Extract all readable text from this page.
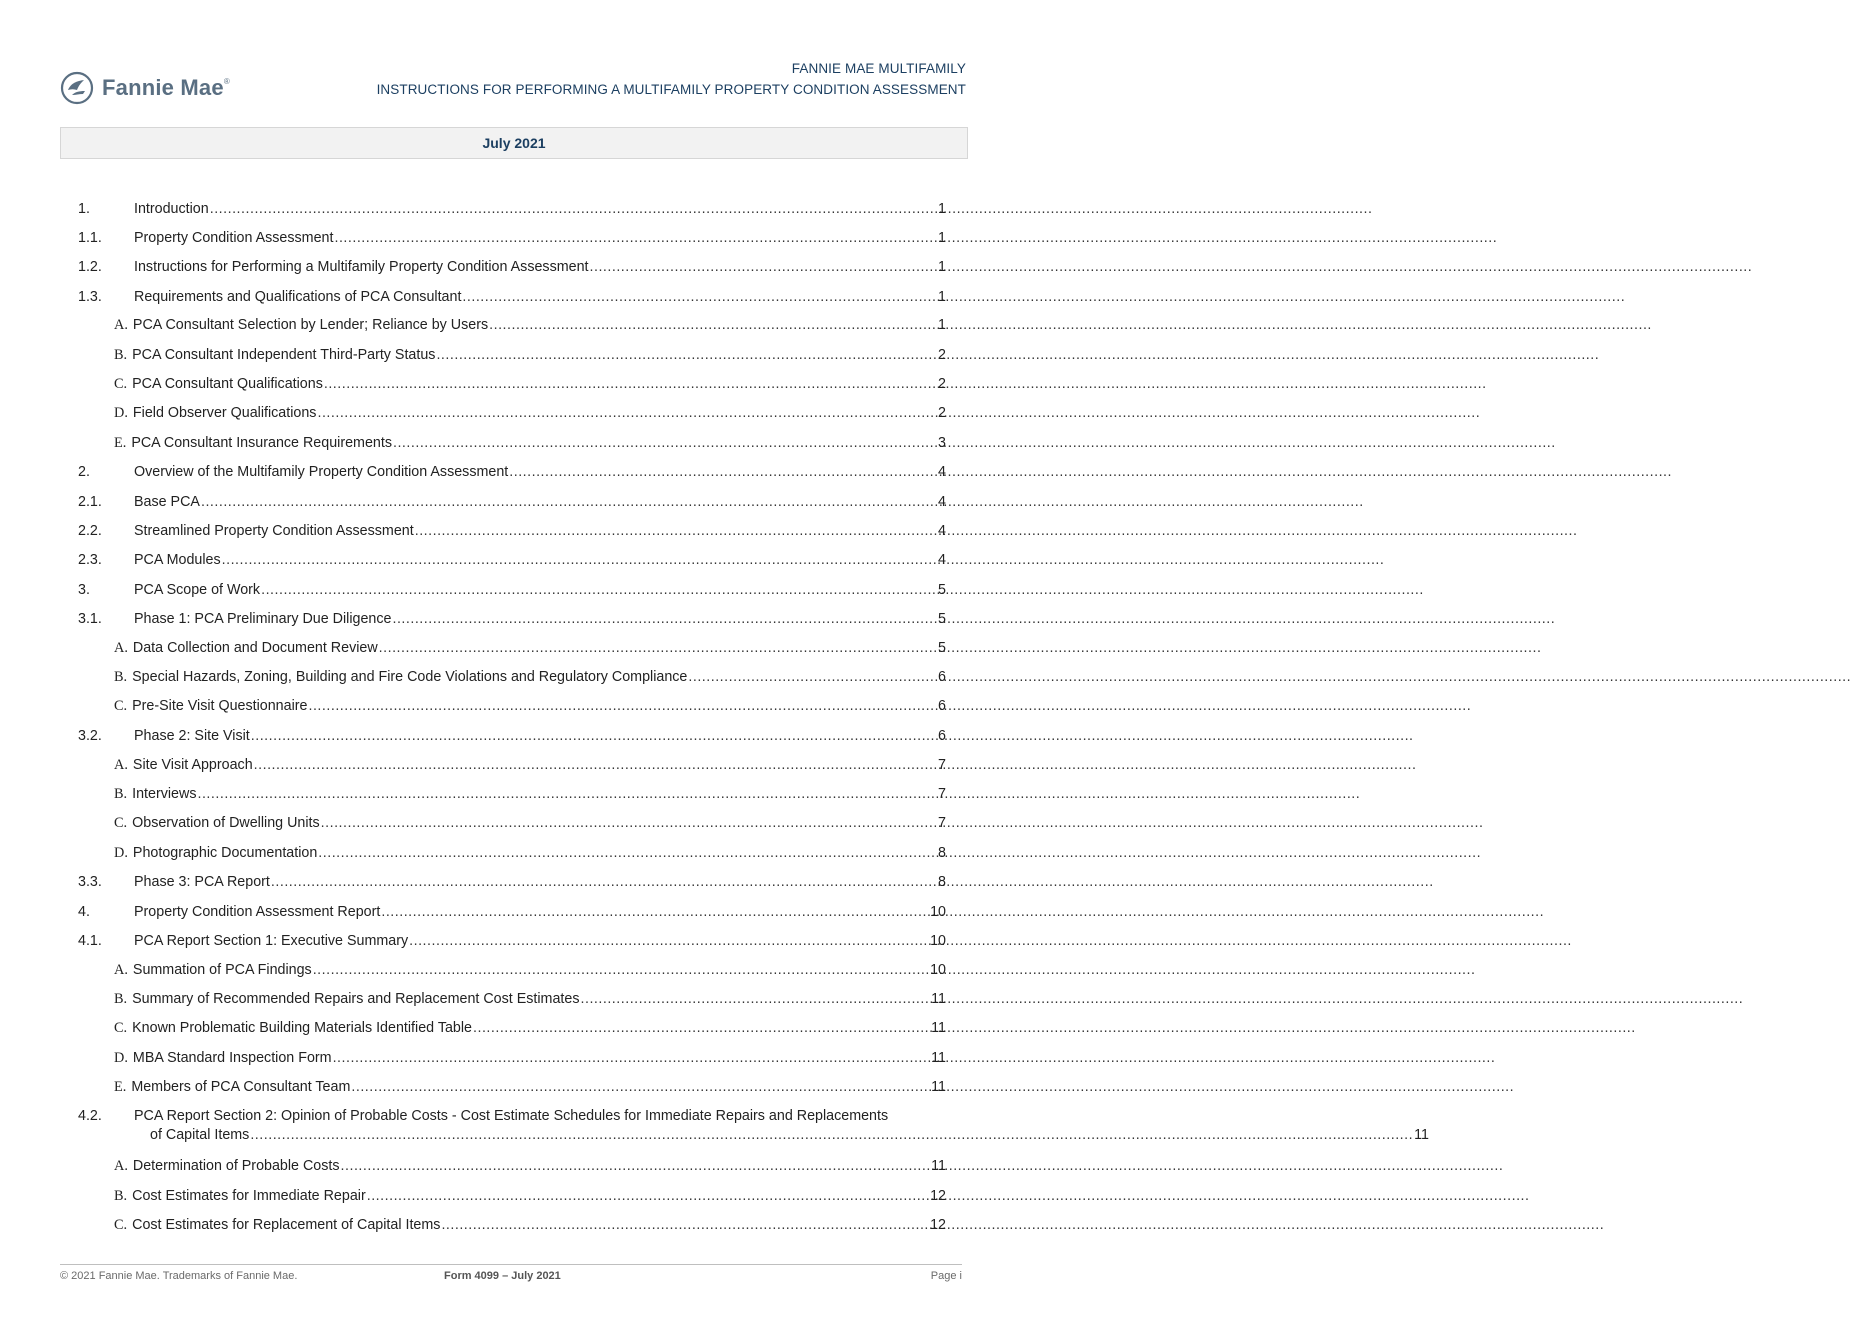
Fannie Mae®
FANNIE MAE MULTIFAMILY
INSTRUCTIONS FOR PERFORMING A MULTIFAMILY PROPERTY CONDITION ASSESSMENT
July 2021
1.	Introduction .....	1
1.1.	Property Condition Assessment .....	1
1.2.	Instructions for Performing a Multifamily Property Condition Assessment .....	1
1.3.	Requirements and Qualifications of PCA Consultant .....	1
A. PCA Consultant Selection by Lender; Reliance by Users .....	1
B. PCA Consultant Independent Third-Party Status .....	2
C. PCA Consultant Qualifications .....	2
D. Field Observer Qualifications .....	2
E. PCA Consultant Insurance Requirements .....	3
2.	Overview of the Multifamily Property Condition Assessment .....	4
2.1.	Base PCA .....	4
2.2.	Streamlined Property Condition Assessment .....	4
2.3.	PCA Modules .....	4
3.	PCA Scope of Work .....	5
3.1.	Phase 1: PCA Preliminary Due Diligence .....	5
A. Data Collection and Document Review .....	5
B. Special Hazards, Zoning, Building and Fire Code Violations and Regulatory Compliance .....	6
C. Pre-Site Visit Questionnaire .....	6
3.2.	Phase 2: Site Visit .....	6
A. Site Visit Approach .....	7
B. Interviews .....	7
C. Observation of Dwelling Units .....	7
D. Photographic Documentation .....	8
3.3.	Phase 3: PCA Report .....	8
4.	Property Condition Assessment Report .....	10
4.1.	PCA Report Section 1: Executive Summary .....	10
A. Summation of PCA Findings .....	10
B. Summary of Recommended Repairs and Replacement Cost Estimates .....	11
C. Known Problematic Building Materials Identified Table .....	11
D. MBA Standard Inspection Form .....	11
E. Members of PCA Consultant Team .....	11
4.2.	PCA Report Section 2: Opinion of Probable Costs - Cost Estimate Schedules for Immediate Repairs and Replacements
of Capital Items .....	11
A. Determination of Probable Costs .....	11
B. Cost Estimates for Immediate Repair .....	12
C. Cost Estimates for Replacement of Capital Items .....	12
© 2021 Fannie Mae. Trademarks of Fannie Mae.	Form 4099 – July 2021	Page i
